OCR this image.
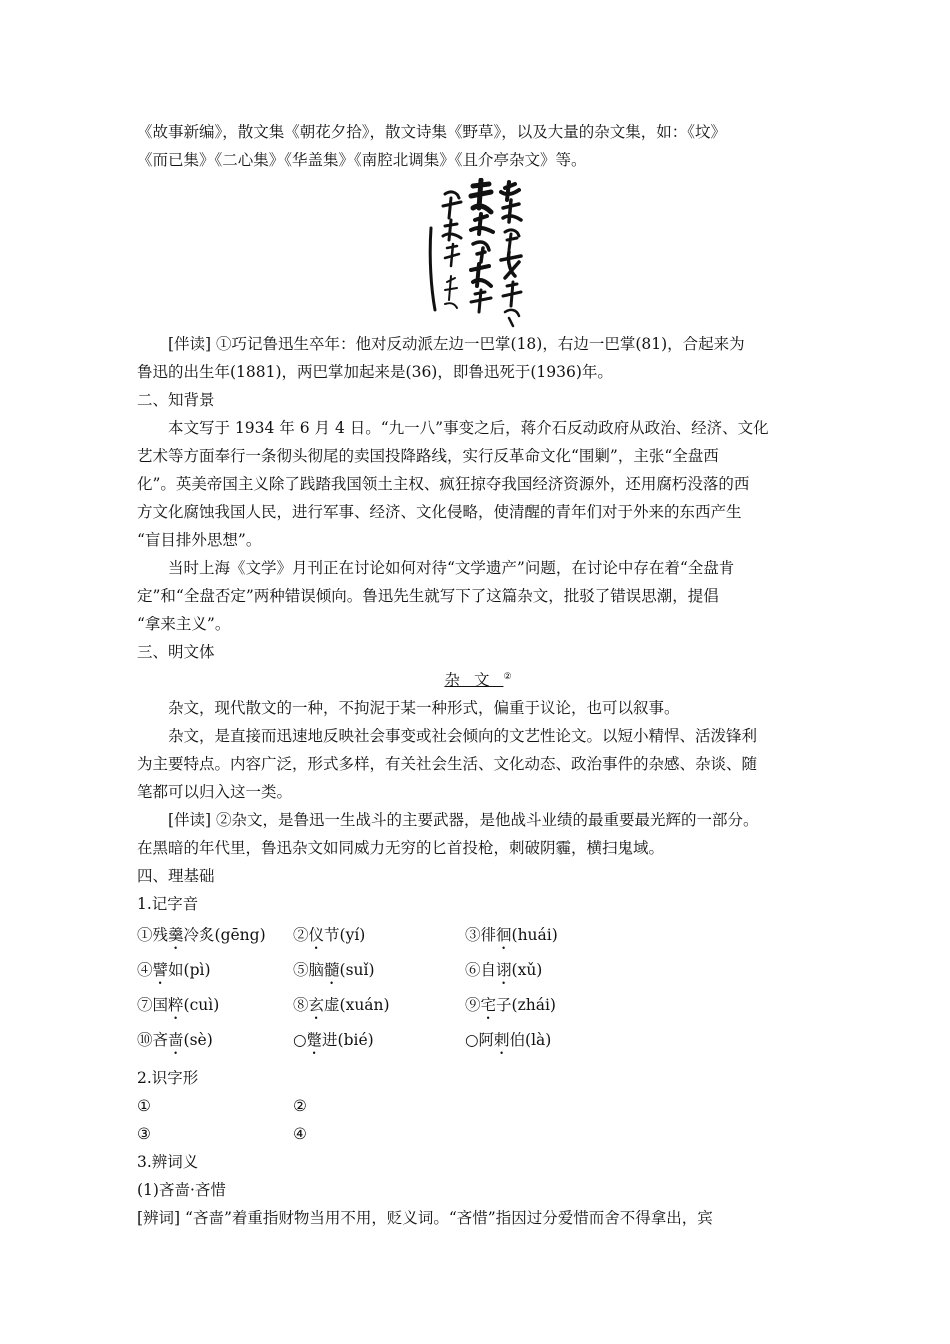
《故事新编》，散文集《朝花夕拾》，散文诗集《野草》，以及大量的杂文集，如：《坟》
《而已集》《二心集》《华盖集》《南腔北调集》《且介亭杂文》等。
[伴读] ①巧记鲁迅生卒年：他对反动派左边一巴掌(18)，右边一巴掌(81)，合起来为
鲁迅的出生年(1881)，两巴掌加起来是(36)，即鲁迅死于(1936)年。
二、知背景
本文写于 1934 年 6 月 4 日。“九一八”事变之后，蒋介石反动政府从政治、经济、文化
艺术等方面奉行一条彻头彻尾的卖国投降路线，实行反革命文化“围剿”，主张“全盘西
化”。英美帝国主义除了践踏我国领土主权、疯狂掠夺我国经济资源外，还用腐朽没落的西
方文化腐蚀我国人民，进行军事、经济、文化侵略，使清醒的青年们对于外来的东西产生
“盲目排外思想”。
当时上海《文学》月刊正在讨论如何对待“文学遗产”问题，在讨论中存在着“全盘肯
定”和“全盘否定”两种错误倾向。鲁迅先生就写下了这篇杂文，批驳了错误思潮，提倡
“拿来主义”。
三、明文体
杂文②
杂文，现代散文的一种，不拘泥于某一种形式，偏重于议论，也可以叙事。
杂文，是直接而迅速地反映社会事变或社会倾向的文艺性论文。以短小精悍、活泼锋利
为主要特点。内容广泛，形式多样，有关社会生活、文化动态、政治事件的杂感、杂谈、随
笔都可以归入这一类。
[伴读] ②杂文，是鲁迅一生战斗的主要武器，是他战斗业绩的最重要最光辉的一部分。
在黑暗的年代里，鲁迅杂文如同威力无穷的匕首投枪，刺破阴霾，横扫鬼域。
四、理基础
1.记字音
①残羹冷炙(gēng) ②仪节(yí)	③徘徊(huái)
④譬如(pì)	⑤脑髓(suǐ)	⑥自诩(xǔ)
⑦国粹(cuì)	⑧玄虚(xuán)	⑨宅子(zhái)
⑩吝啬(sè)	○蹩进(bié)	○阿剌伯(là)
2.识字形
①	②
③	④
3.辨词义
(1)吝啬·吝惜
[辨词] “吝啬”着重指财物当用不用，贬义词。“吝惜”指因过分爱惜而舍不得拿出，宾
